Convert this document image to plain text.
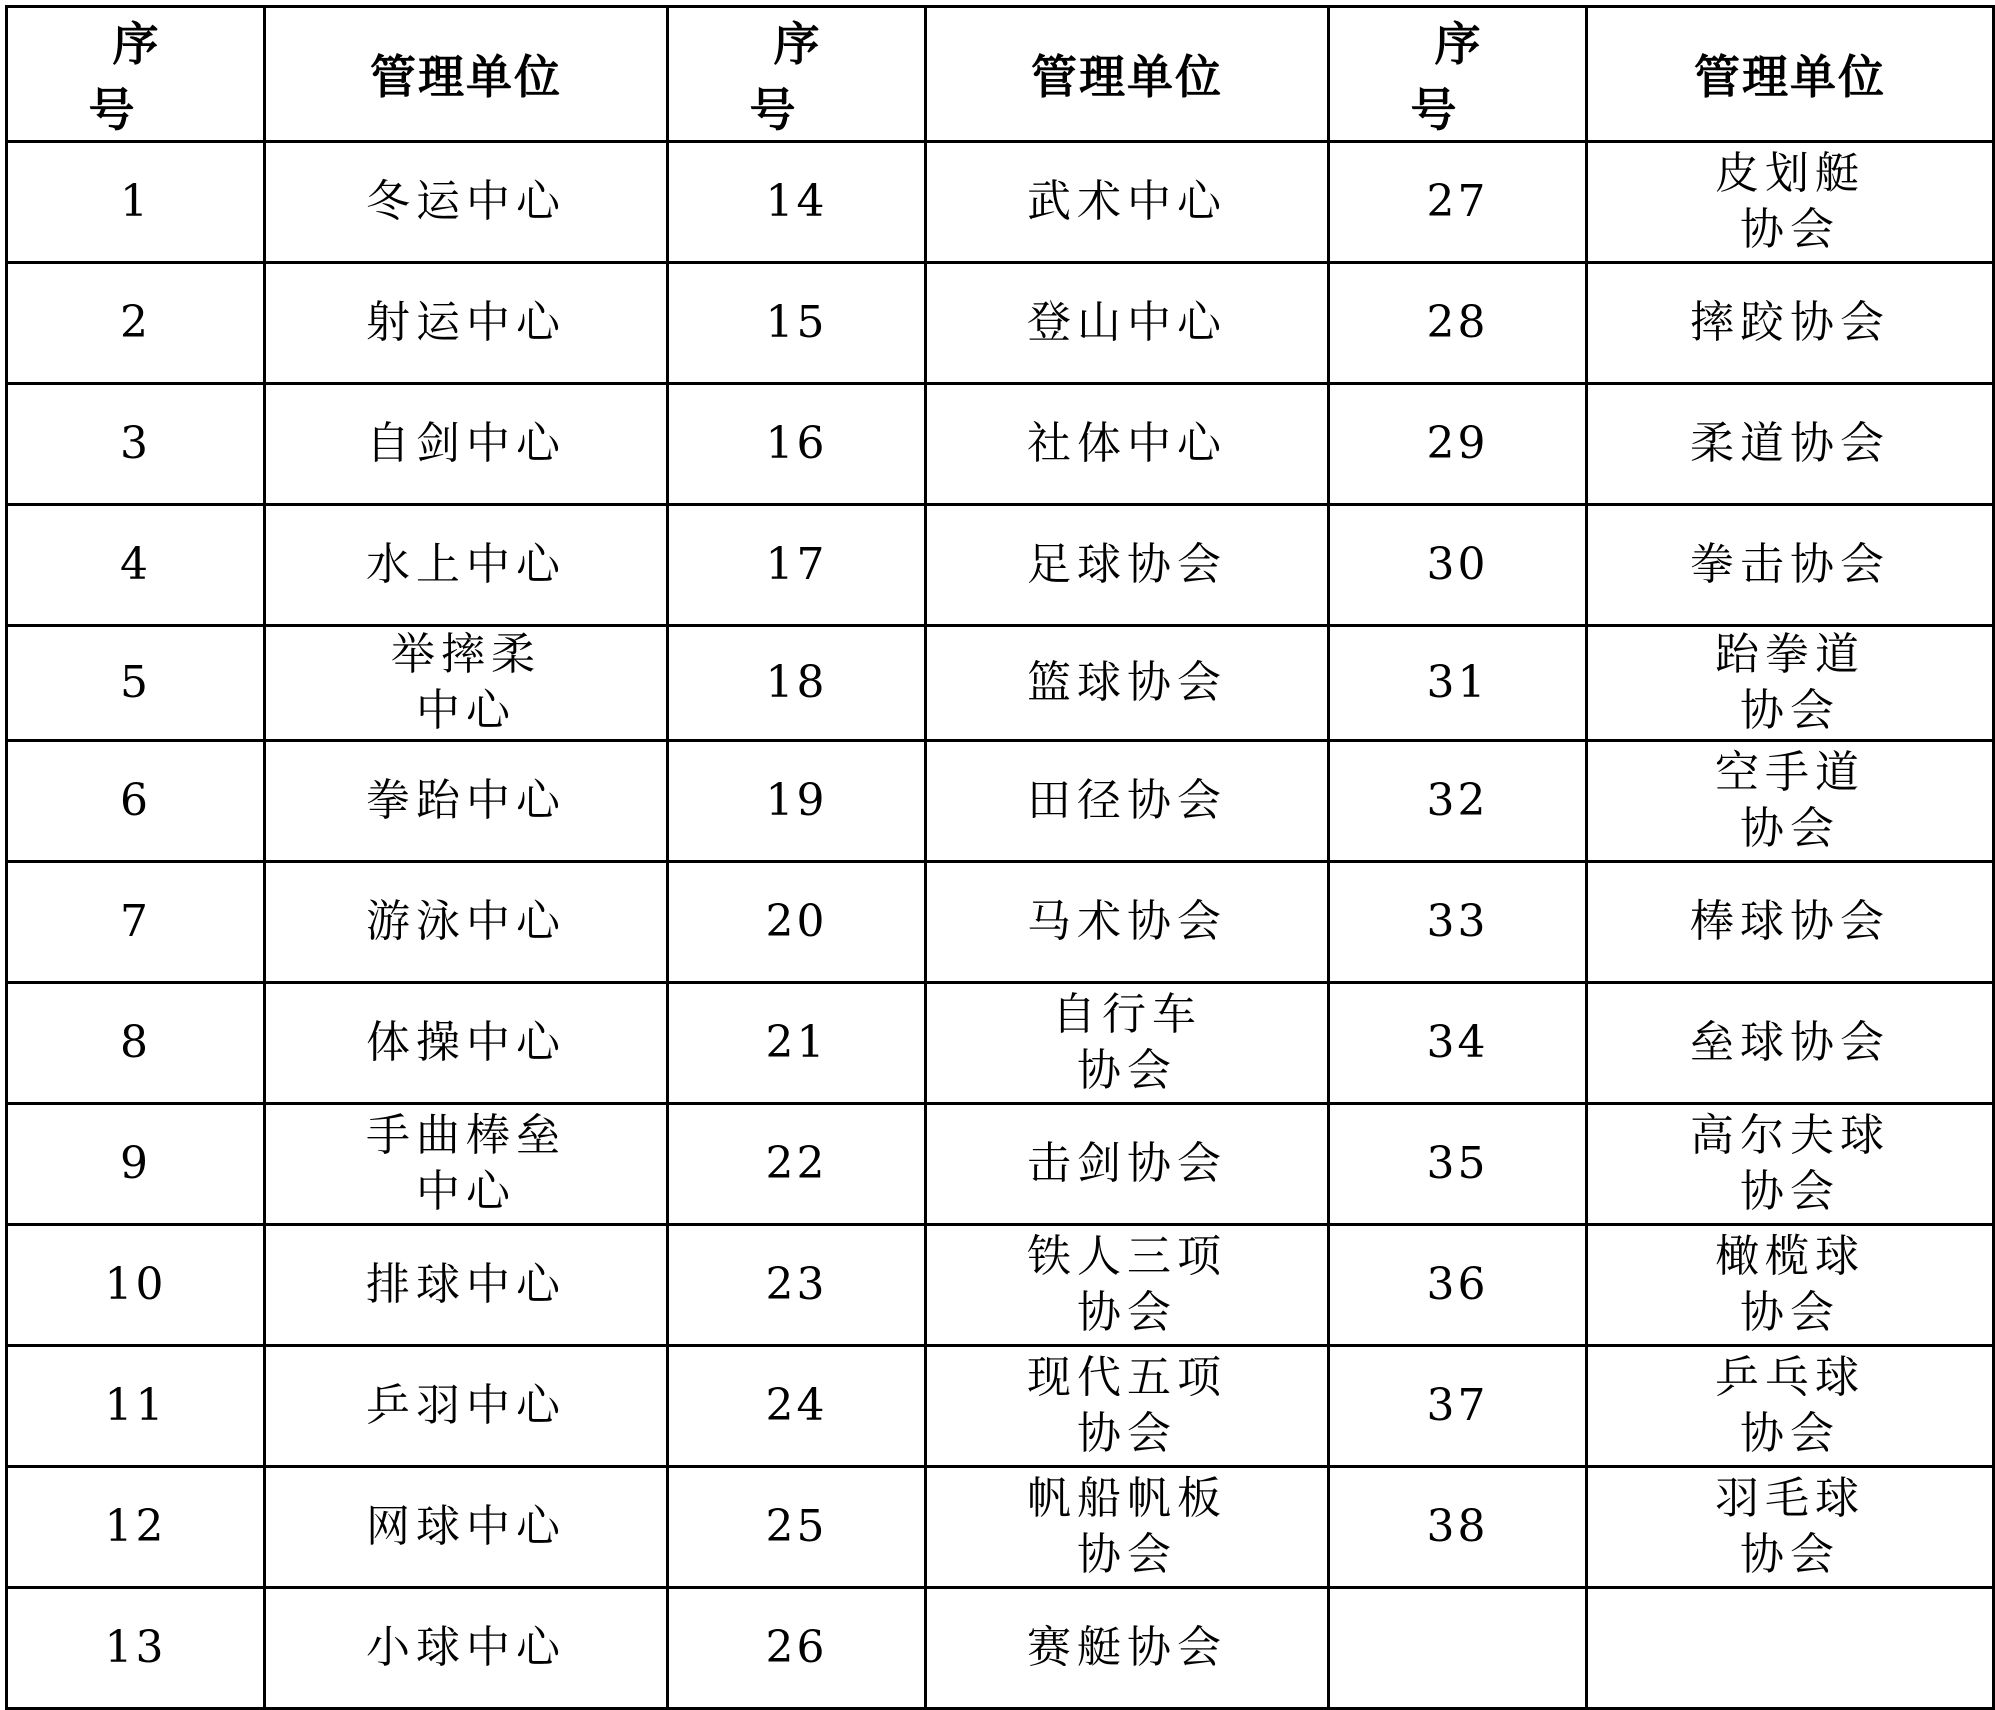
序 号	管理单位	序 号	管理单位	序 号	管理单位
1	冬运中心	14	武术中心	27	皮划艇
协会

2	射运中心	15	登山中心	28	摔跤协会

3	自剑中心	16	社体中心	29	柔道协会

4	水上中心	17	足球协会	30	拳击协会

5	举摔柔
中心	18	篮球协会	31	跆拳道
协会

6	拳跆中心	19	田径协会	32	空手道
协会

7	游泳中心	20	马术协会	33	棒球协会

8	体操中心	21	自行车
协会	34	垒球协会

9	手曲棒垒
中心	22	击剑协会	35	高尔夫球
协会

10	排球中心	23	铁人三项
协会	36	橄榄球
协会

11	乒羽中心	24	现代五项
协会	37	乒乓球
协会

12	网球中心	25	帆船帆板
协会	38	羽毛球
协会

13	小球中心	26	赛艇协会		
